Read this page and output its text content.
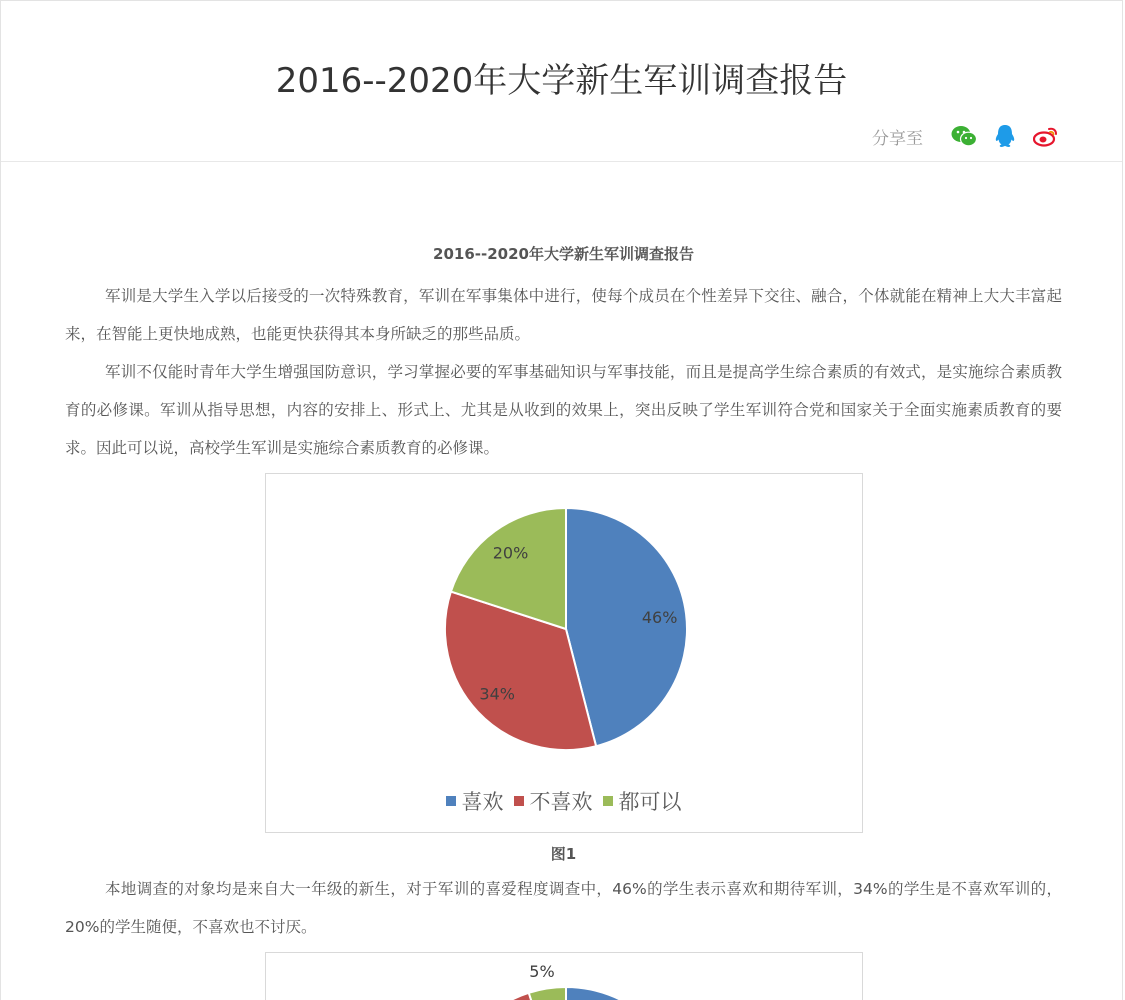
2016--2020年大学新生军训调查报告
分享至

2016--2020年大学新生军训调查报告

军训是大学生入学以后接受的一次特殊教育，军训在军事集体中进行，使每个成员在个性差异下交往、融合，个体就能在精神上大大丰富起来，在智能上更快地成熟，也能更快获得其本身所缺乏的那些品质。

军训不仅能时青年大学生增强国防意识，学习掌握必要的军事基础知识与军事技能，而且是提高学生综合素质的有效式，是实施综合素质教育的必修课。军训从指导思想，内容的安排上、形式上、尤其是从收到的效果上，突出反映了学生军训符合党和国家关于全面实施素质教育的要求。因此可以说，高校学生军训是实施综合素质教育的必修课。

46%
34%
20%
喜欢 不喜欢 都可以

图1

本地调查的对象均是来自大一年级的新生，对于军训的喜爱程度调查中，46%的学生表示喜欢和期待军训，34%的学生是不喜欢军训的，20%的学生随便，不喜欢也不讨厌。

5%
